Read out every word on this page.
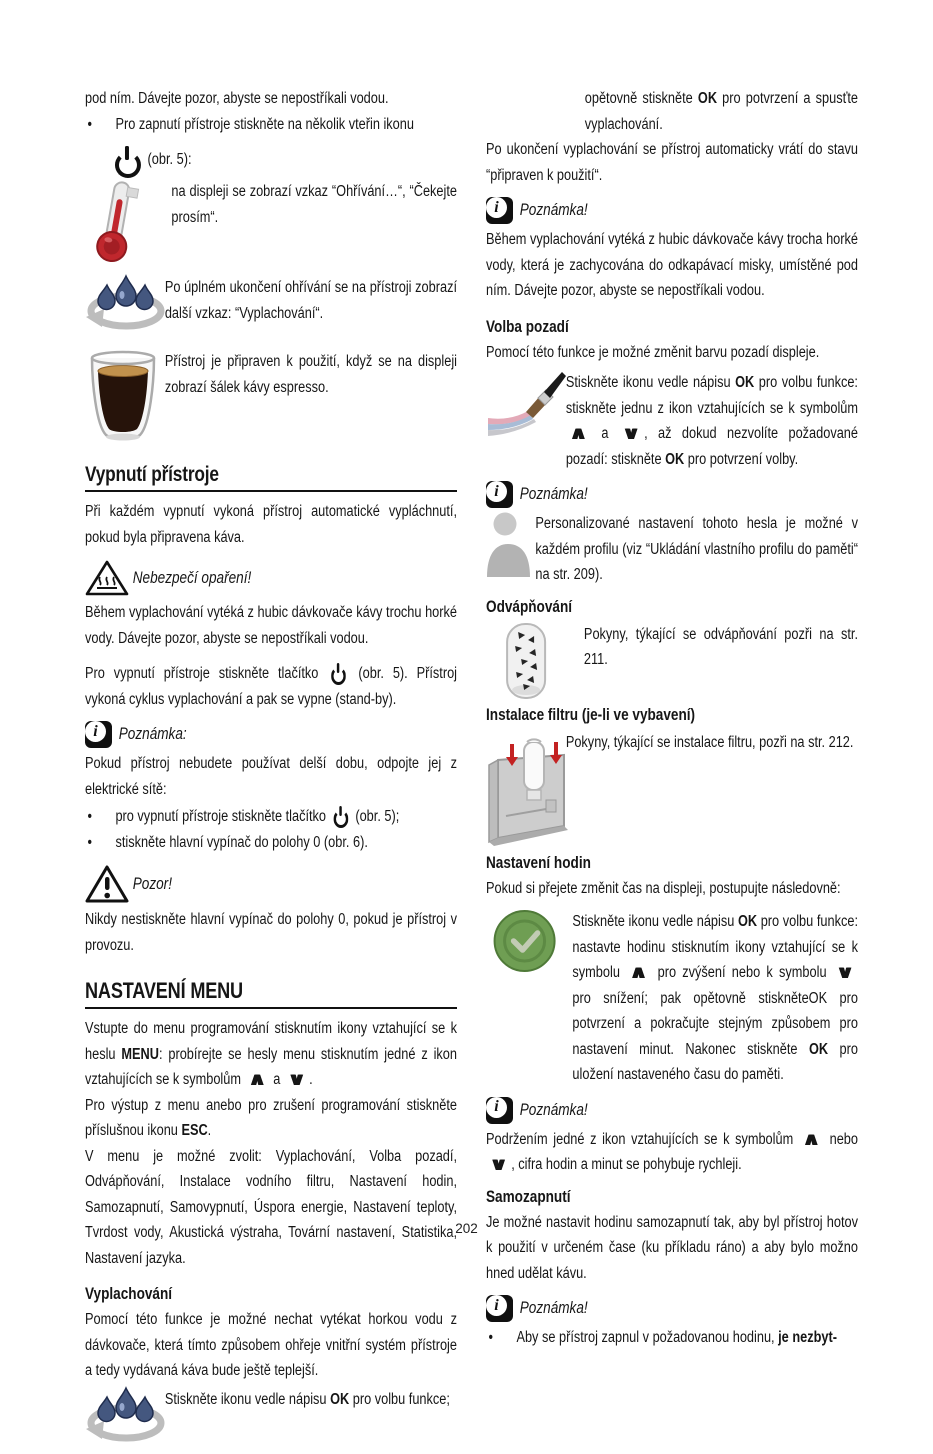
pod ním. Dávejte pozor, abyste se nepostříkali vodou.

• Pro zapnutí přístroje stiskněte na několik vteřin ikonu

(obr. 5):

na displeji se zobrazí vzkaz “Ohřívání…“, “Čekejte prosím“.

Po úplném ukončení ohřívání se na přístroji zobrazí další vzkaz: “Vyplachování“.

Přístroj je připraven k použití, když se na displeji zobrazí šálek kávy espresso.

Vypnutí přístroje

Při každém vypnutí vykoná přístroj automatické vypláchnutí, pokud byla připravena káva.

Nebezpečí opaření!

Během vyplachování vytéká z hubic dávkovače kávy trochu horké vody. Dávejte pozor, abyste se nepostříkali vodou.

Pro vypnutí přístroje stiskněte tlačítko  (obr. 5). Přístroj vykoná cyklus vyplachování a pak se vypne (stand-by).

i	Poznámka:

Pokud přístroj nebudete používat delší dobu, odpojte jej z elektrické sítě:

• pro vypnutí přístroje stiskněte tlačítko  (obr. 5);

• stiskněte hlavní vypínač do polohy 0 (obr. 6).

Pozor!

Nikdy nestiskněte hlavní vypínač do polohy 0, pokud je přístroj v provozu.

NASTAVENÍ MENU

Vstupte do menu programování stisknutím ikony vztahující se k heslu MENU: probírejte se hesly menu stisknutím jedné z ikon vztahujících se k symbolům ∧ a ∨ .

Pro výstup z menu anebo pro zrušení programování stiskněte příslušnou ikonu ESC.

V menu je možné zvolit: Vyplachování, Volba pozadí, Odvápňování, Instalace vodního filtru, Nastavení hodin, Samozapnutí, Samovypnutí, Úspora energie, Nastavení teploty, Tvrdost vody, Akustická výstraha, Tovární nastavení, Statistika, Nastavení jazyka.

Vyplachování

Pomocí této funkce je možné nechat vytékat horkou vodu z dávkovače, která tímto způsobem ohřeje vnitřní systém přístroje a tedy vydávaná káva bude ještě teplejší.

Stiskněte ikonu vedle nápisu OK pro volbu funkce;

opětovně stiskněte OK pro potvrzení a spusťte vyplachování.

Po ukončení vyplachování se přístroj automaticky vrátí do stavu “připraven k použití“.

i	Poznámka!

Během vyplachování vytéká z hubic dávkovače kávy trocha horké vody, která je zachycována do odkapávací misky, umístěné pod ním. Dávejte pozor, abyste se nepostříkali vodou.

Volba pozadí

Pomocí této funkce je možné změnit barvu pozadí displeje.

Stiskněte ikonu vedle nápisu OK pro volbu funkce: stiskněte jednu z ikon vztahujících se k symbolům ∧ a ∨ , až dokud nezvolíte požadované pozadí: stiskněte OK pro potvrzení volby.

i	Poznámka!

Personalizované nastavení tohoto hesla je možné v každém profilu (viz “Ukládání vlastního profilu do paměti“ na str. 209).

Odvápňování

Pokyny, týkající se odvápňování pozři na str. 211.

Instalace filtru (je-li ve vybavení)

Pokyny, týkající se instalace filtru, pozři na str. 212.

Nastavení hodin

Pokud si přejete změnit čas na displeji, postupujte následovně:

Stiskněte ikonu vedle nápisu OK pro volbu funkce: nastavte hodinu stisknutím ikony vztahující se k symbolu ∧ pro zvýšení nebo k symbolu ∨ pro snížení; pak opětovně stiskněteOK pro potvrzení a pokračujte stejným způsobem pro nastavení minut. Nakonec stiskněte OK pro uložení nastaveného času do paměti.

i	Poznámka!

Podržením jedné z ikon vztahujících se k symbolům ∧ nebo ∨ , cifra hodin a minut se pohybuje rychleji.

Samozapnutí

Je možné nastavit hodinu samozapnutí tak, aby byl přístroj hotov k použití v určeném čase (ku příkladu ráno) a aby bylo možno hned udělat kávu.

i	Poznámka!

• Aby se přístroj zapnul v požadovanou hodinu, je nezbyt-

202
